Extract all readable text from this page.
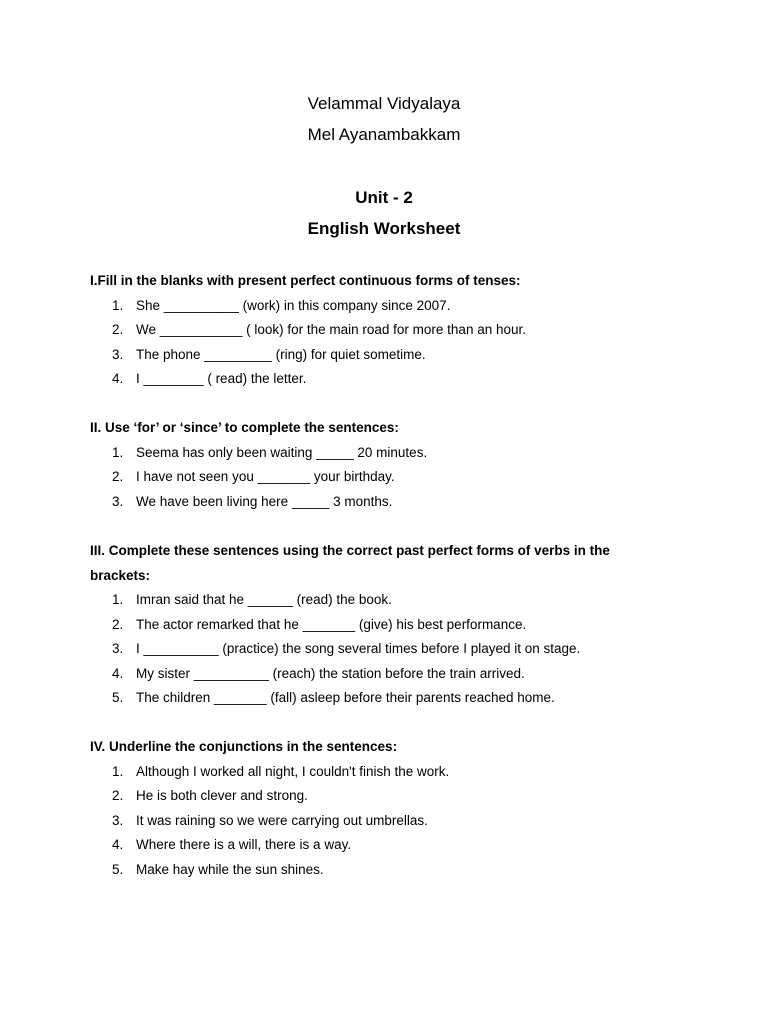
Velammal Vidyalaya
Mel Ayanambakkam
Unit - 2
English Worksheet

I.Fill in the blanks with present perfect continuous forms of tenses:

1. She __________ (work) in this company since 2007.
2. We ___________ ( look) for the main road for more than an hour.
3. The phone _________ (ring) for quiet sometime.
4. I ________ ( read) the letter.

II. Use ‘for’ or ‘since’ to complete the sentences:

1. Seema has only been waiting _____ 20 minutes.
2. I have not seen you _______ your birthday.
3. We have been living here _____ 3 months.

III. Complete these sentences using the correct past perfect forms of verbs in the brackets:

1. Imran said that he ______ (read) the book.
2. The actor remarked that he _______ (give) his best performance.
3. I __________ (practice) the song several times before I played it on stage.
4. My sister __________ (reach) the station before the train arrived.
5. The children _______ (fall) asleep before their parents reached home.

IV. Underline the conjunctions in the sentences:

1. Although I worked all night, I couldn't finish the work.
2. He is both clever and strong.
3. It was raining so we were carrying out umbrellas.
4. Where there is a will, there is a way.
5. Make hay while the sun shines.
